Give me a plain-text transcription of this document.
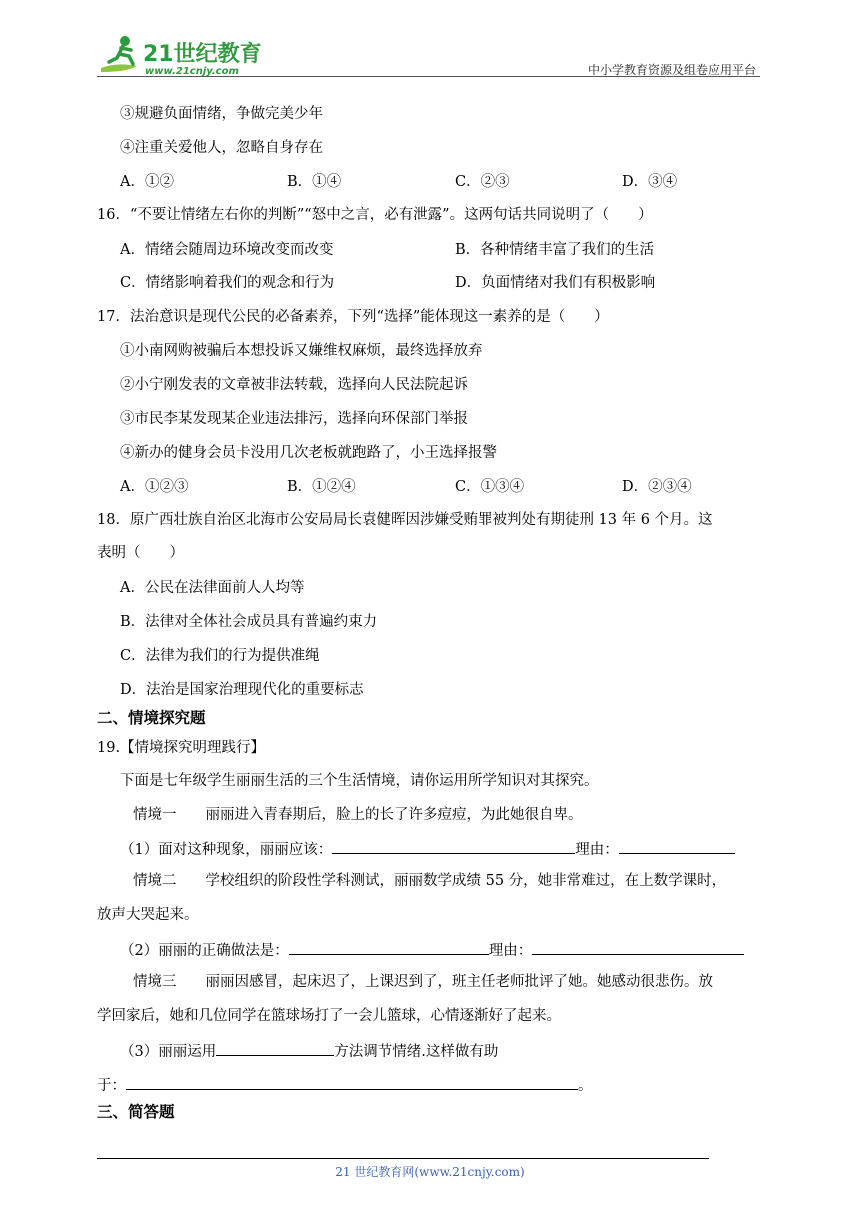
21世纪教育
www.21cnjy.com	中小学教育资源及组卷应用平台
③规避负面情绪，争做完美少年
④注重关爱他人，忽略自身存在
A．①②	B．①④	C．②③	D．③④
16．“不要让情绪左右你的判断”“怒中之言，必有泄露”。这两句话共同说明了（　　）
A．情绪会随周边环境改变而改变	B．各种情绪丰富了我们的生活
C．情绪影响着我们的观念和行为	D．负面情绪对我们有积极影响
17．法治意识是现代公民的必备素养，下列“选择”能体现这一素养的是（　　）
①小南网购被骗后本想投诉又嫌维权麻烦，最终选择放弃
②小宁刚发表的文章被非法转载，选择向人民法院起诉
③市民李某发现某企业违法排污，选择向环保部门举报
④新办的健身会员卡没用几次老板就跑路了，小王选择报警
A．①②③	B．①②④	C．①③④	D．②③④
18．原广西壮族自治区北海市公安局局长袁健晖因涉嫌受贿罪被判处有期徒刑 13 年 6 个月。这
表明（　　）
A．公民在法律面前人人均等
B．法律对全体社会成员具有普遍约束力
C．法律为我们的行为提供准绳
D．法治是国家治理现代化的重要标志
二、情境探究题
19.【情境探究明理践行】
下面是七年级学生丽丽生活的三个生活情境，请你运用所学知识对其探究。
情境一　　丽丽进入青春期后，脸上的长了许多痘痘，为此她很自卑。
（1）面对这种现象，丽丽应该：	理由：
情境二　　学校组织的阶段性学科测试，丽丽数学成绩 55 分，她非常难过，在上数学课时，
放声大哭起来。
（2）丽丽的正确做法是：	理由：
情境三　　丽丽因感冒，起床迟了，上课迟到了，班主任老师批评了她。她感动很悲伤。放
学回家后，她和几位同学在篮球场打了一会儿篮球，心情逐渐好了起来。
（3）丽丽运用	方法调节情绪.这样做有助
于：	。
三、简答题
21 世纪教育网(www.21cnjy.com)
